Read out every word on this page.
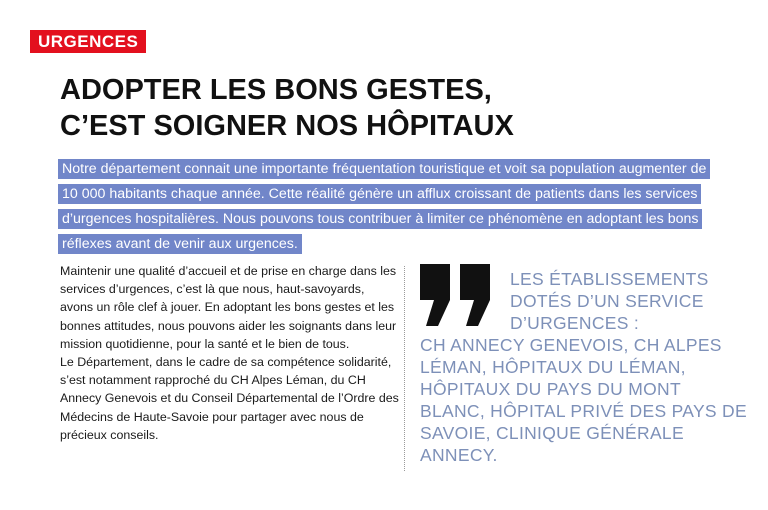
URGENCES
ADOPTER LES BONS GESTES,
C’EST SOIGNER NOS HÔPITAUX
Notre département connait une importante fréquentation touristique et voit sa population augmenter de 10 000 habitants chaque année. Cette réalité génère un afflux croissant de patients dans les services d’urgences hospitalières. Nous pouvons tous contribuer à limiter ce phénomène en adoptant les bons réflexes avant de venir aux urgences.

Maintenir une qualité d’accueil et de prise en charge dans les services d’urgences, c’est là que nous, haut-savoyards, avons un rôle clef à jouer. En adoptant les bons gestes et les bonnes attitudes, nous pouvons aider les soignants dans leur mission quotidienne, pour la santé et le bien de tous.

Le Département, dans le cadre de sa compétence solidarité, s’est notamment rapproché du CH Alpes Léman, du CH Annecy Genevois et du Conseil Départemental de l’Ordre des Médecins de Haute-Savoie pour partager avec nous de précieux conseils.

LES ÉTABLISSEMENTS DOTÉS D’UN SERVICE D’URGENCES :
CH ANNECY GENEVOIS, CH ALPES LÉMAN, HÔPITAUX DU LÉMAN, HÔPITAUX DU PAYS DU MONT BLANC, HÔPITAL PRIVÉ DES PAYS DE SAVOIE, CLINIQUE GÉNÉRALE ANNECY.
